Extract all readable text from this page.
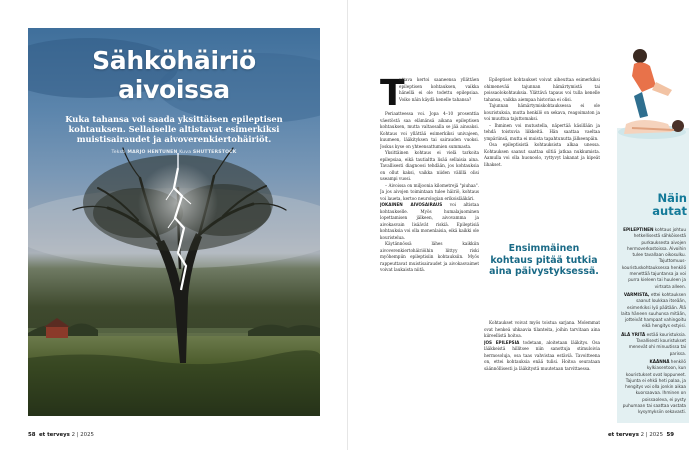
Sähköhäiriö
aivoissa
Kuka tahansa voi saada yksittäisen epileptisen kohtauksen. Sellaiselle altistavat esimerkiksi muistisairaudet ja aivoverenkiertohäiriöt.
Teksti MARJO HENTUNEN Kuva SHUTTERSTOCK
T
uttava kertoi saaneensa yllättäen epileptisen kohtauksen, vaikka hänellä ei ole todettu epilepsiaa. Voiko näin käydä kenelle tahansa?

Periaatteessa voi. Jopa 4–10 prosenttia väestöstä saa elämänsä aikana epileptisen kohtauksen, mutta valtaosalla se jää ainoaksi. Kohtaus voi yllättää esimerkiksi univajeen, kuumeen, lääkityksen tai sairauden vuoksi. Joskus kyse on yhteensattumien summasta.

Yksittäinen kohtaus ei vielä tarkoita epilepsiaa, eikä tautialtta lisää sellaisia aina. Tavallisesti diagnoosi tehdään, jos kohtauksia on ollut kaksi, vaikka niiden välillä olisi useampi vuosi.

– Aivoissa on miljoonia kilometrejä "piuhaa". Ja jos aivojen toimintaan tulee häiriö, kohtaus voi laueta, kertoo neurologian erikoislääkäri.

JOKAINEN AIVOSAIRAUS voi altistaa kohtaukselle. Myös humalajuominen lopettamisen jälkeen, aivovamma ja aivokasvain lisäävät riskiä. Epileptisiä kohtauksia voi olla monenlaisia, eikä kaikki ole kouristelua.

Käytännössä lähes kaikkiin aivoverenkiertohäiriöihin liittyy riski myöhempiin epileptisiin kohtauksiin. Myös rappeuttavat muistisairaudet ja aivokasvaimet voivat laukaista niitä.

Epileptiset kohtaukset voivat aiheuttaa esimerkiksi ohimenevää tajunnan hämärtymistä tai poissaolokohtauksia. Ylättävä tapaus voi tulla kenelle tahansa, vaikka aiempaa historiaa ei olisi.

Tajunnan hämärtymiskohtauksessa ei ole kouristuksia, mutta henkilö on sekava, reagoimaton ja voi muuttua tajuttomaksi.

– Ihminen voi mutustella, näpertää käsillään ja tehdä toistuvia liikkeitä. Hän saattaa vaeltaa ympäriinsä, mutta ei muista tapahtunutta jälkeenpäin.

Osa epileptisistä kohtauksista alkaa unessa. Kohtauksen saanut saattaa siltiä jatkaa nukkumista. Aamulla voi olla huonoolo, ryttyvyt lakanat ja kipeät lihakset.

Ensimmäinen kohtaus pitää tutkia aina päivystyksessä.

Kohtaukset voivat myös toistua sarjana. Molemmat ovat henkeä uhkaavia tilanteita, joihin tarvitaan aina kiireellistä hoitoa.

JOS EPILEPSIA todetaan, aloitetaan lääkitys. Osa lääkkeistä hillitsee niin sanottuja stimuloivia hermosoluja, osa taas vahvistaa estäviä. Tavoitteena on, ettei kohtauksia enää tulisi. Hoitoa seurataan säännöllisesti ja lääkitystä muutetaan tarvittaessa.

Näin
autat

EPILEPTINEN kohtaus johtuu hetkellisestä sähköisestä purkauksesta aivojen hermoverkostoissa. Aivoihin tulee tavallaan oikosulku. Tajuttomuus-kouristuskohtauksessa henkilö menettää tajuntansa ja voi purra kieleen tai huuleen ja virtsata alleen.

VARMISTA, ettei kohtauksen saanut loukkaa itseään, esimerkiksi lyö päätään. Älä laita häneen suuhunsa mitään, jotteivät hampaat vahingoitu eikä hengitys estyisi.

ÄLÄ YRITÄ estää kouristuksia. Tavallisesti kouristukset menevät ohi minuutissa tai parissa.

KÄÄNNÄ henkilö kylkiasentoon, kun kouristukset ovat loppuneet. Tajunta ei ehkä heti palaa, ja hengitys voi olla jonkin aikaa kuorsaavaa. Ihminen on poissaoleva, ei pysty puhumaan tai saattaa vastata kysymyksiin sekavasti.

58 et terveys 2 | 2025	et terveys 2 | 2025 59
